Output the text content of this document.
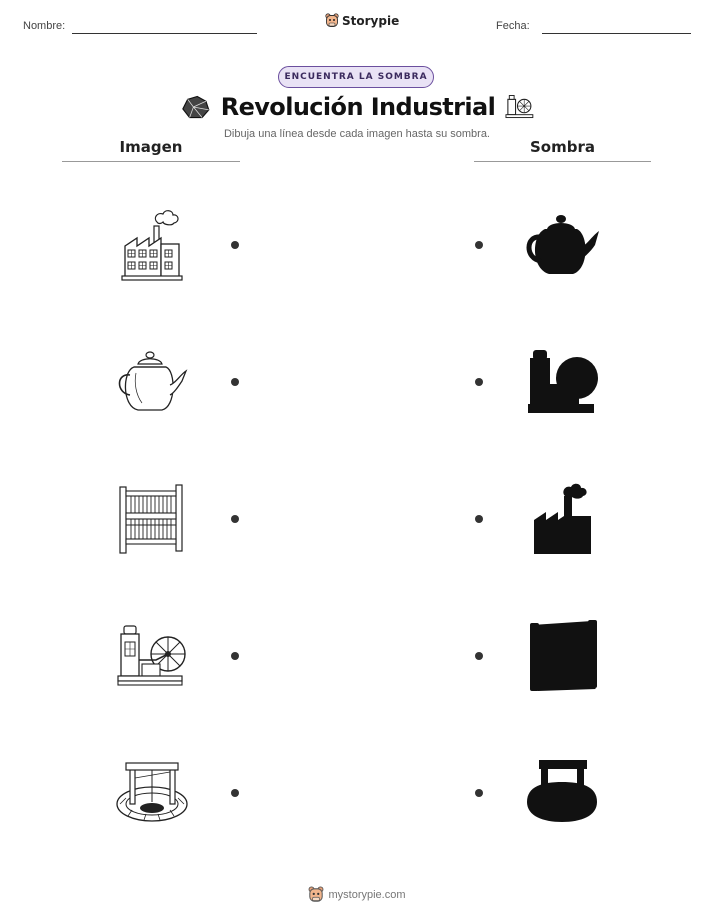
Nombre:	Storypie	Fecha:
ENCUENTRA LA SOMBRA
Revolución Industrial
Dibuja una línea desde cada imagen hasta su sombra.
Imagen	Sombra
mystorypie.com
